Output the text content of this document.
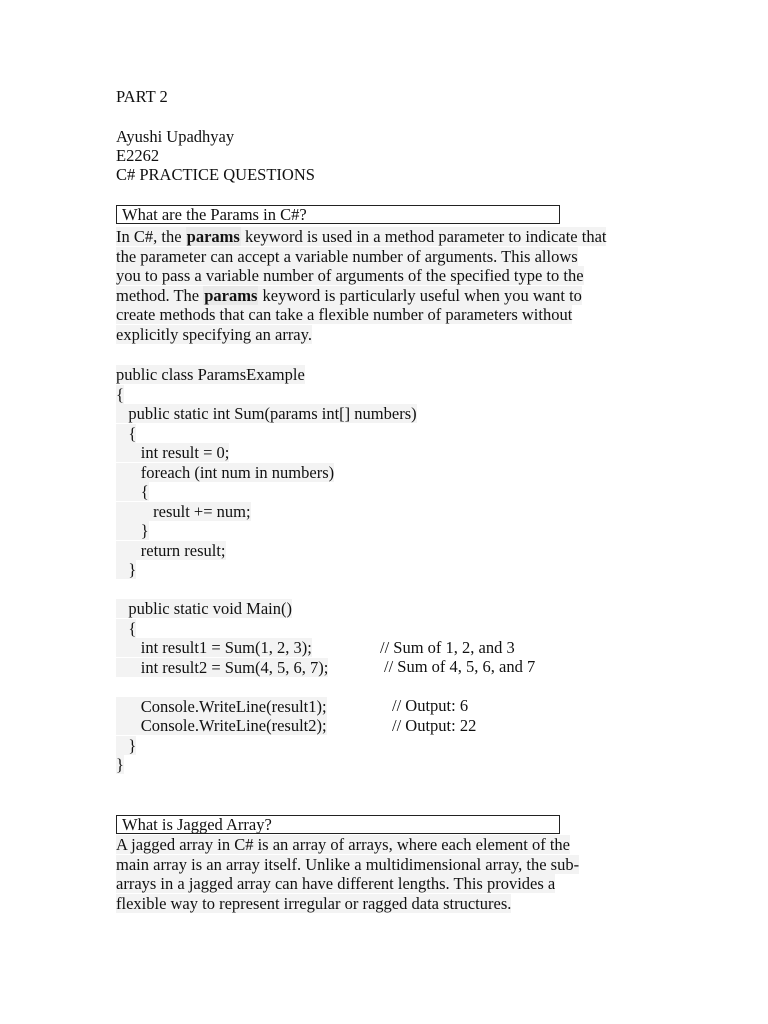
PART 2
Ayushi Upadhyay
E2262
C# PRACTICE QUESTIONS
What are the Params in C#?
In C#, the params keyword is used in a method parameter to indicate that
the parameter can accept a variable number of arguments. This allows
you to pass a variable number of arguments of the specified type to the
method. The params keyword is particularly useful when you want to
create methods that can take a flexible number of parameters without
explicitly specifying an array.
public class ParamsExample
{
public static int Sum(params int[] numbers)
{
int result = 0;
foreach (int num in numbers)
{
result += num;
}
return result;
}
public static void Main()
{
int result1 = Sum(1, 2, 3);
int result2 = Sum(4, 5, 6, 7);
Console.WriteLine(result1);
Console.WriteLine(result2);
}
}
// Sum of 1, 2, and 3
// Sum of 4, 5, 6, and 7
// Output: 6
// Output: 22
What is Jagged Array?
A jagged array in C# is an array of arrays, where each element of the
main array is an array itself. Unlike a multidimensional array, the sub-
arrays in a jagged array can have different lengths. This provides a
flexible way to represent irregular or ragged data structures.
